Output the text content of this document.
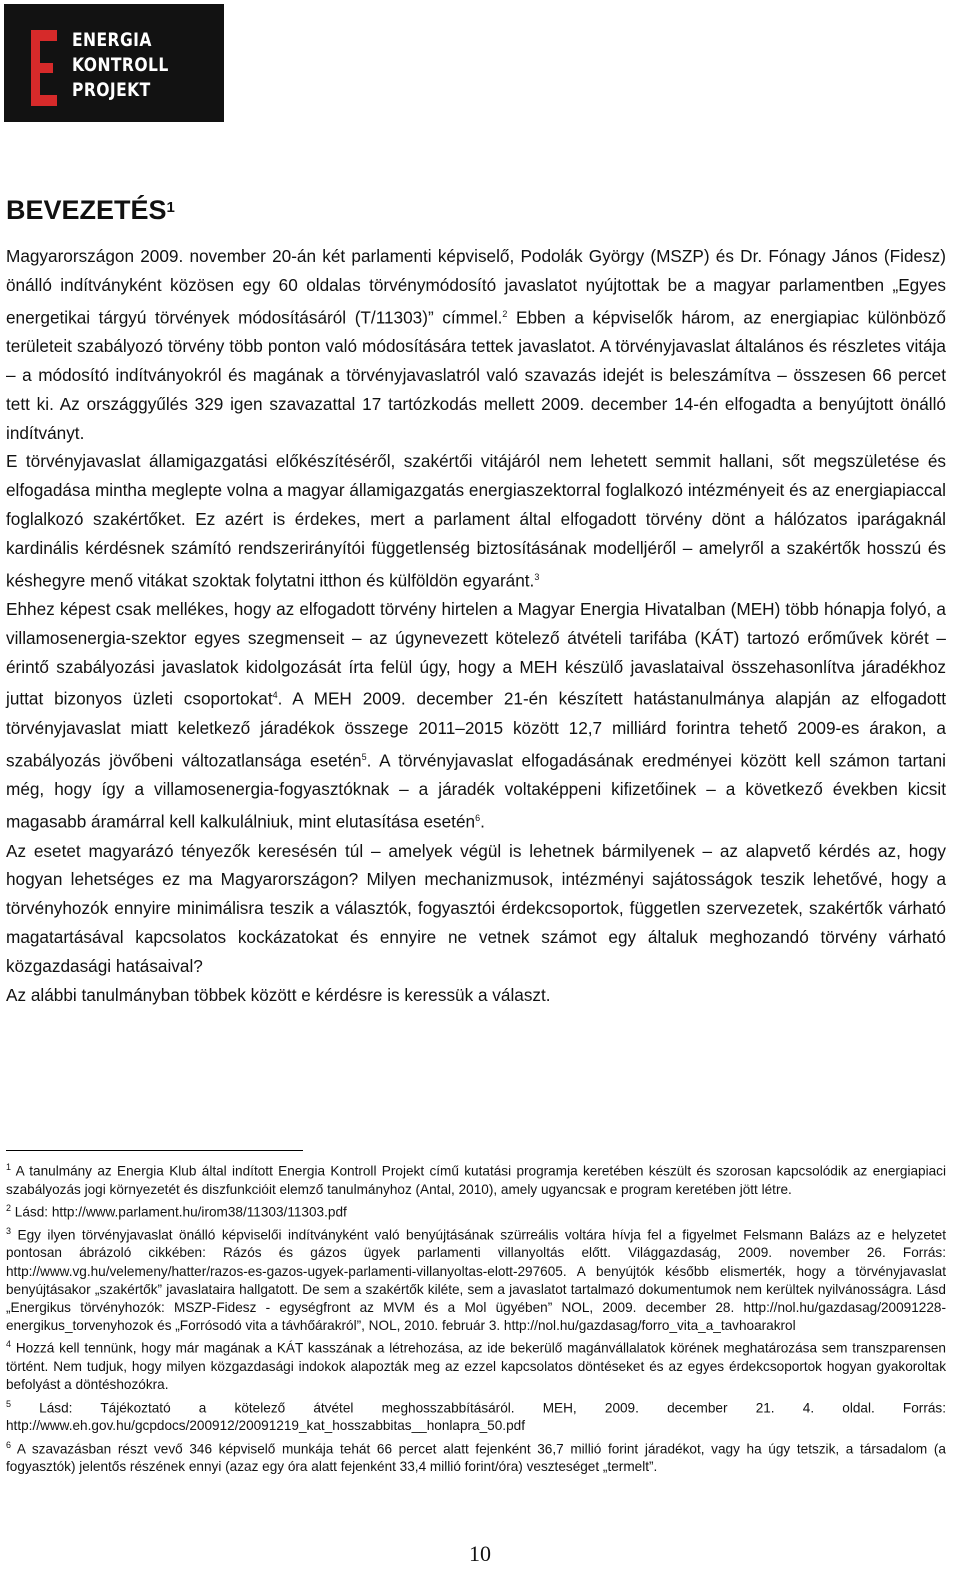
ENERGIA
KONTROLL
PROJEKT
BEVEZETÉS$^1$

Magyarországon 2009. november 20-án két parlamenti képviselő, Podolák György (MSZP) és Dr. Fónagy János (Fidesz) önálló indítványként közösen egy 60 oldalas törvénymódosító javaslatot nyújtottak be a magyar parlamentben „Egyes energetikai tárgyú törvények módosításáról (T/11303)” címmel.$^2$ Ebben a képviselők három, az energiapiac különböző területeit szabályozó törvény több ponton való módosítására tettek javaslatot. A törvényjavaslat általános és részletes vitája – a módosító indítványokról és magának a törvényjavaslatról való szavazás idejét is beleszámítva – összesen 66 percet tett ki. Az országgyűlés 329 igen szavazattal 17 tartózkodás mellett 2009. december 14-én elfogadta a benyújtott önálló indítványt.

E törvényjavaslat államigazgatási előkészítéséről, szakértői vitájáról nem lehetett semmit hallani, sőt megszületése és elfogadása mintha meglepte volna a magyar államigazgatás energiaszektorral foglalkozó intézményeit és az energiapiaccal foglalkozó szakértőket. Ez azért is érdekes, mert a parlament által elfogadott törvény dönt a hálózatos iparágaknál kardinális kérdésnek számító rendszerirányítói függetlenség biztosításának modelljéről – amelyről a szakértők hosszú és késhegyre menő vitákat szoktak folytatni itthon és külföldön egyaránt.$^3$

Ehhez képest csak mellékes, hogy az elfogadott törvény hirtelen a Magyar Energia Hivatalban (MEH) több hónapja folyó, a villamosenergia-szektor egyes szegmenseit – az úgynevezett kötelező átvételi tarifába (KÁT) tartozó erőművek körét – érintő szabályozási javaslatok kidolgozását írta felül úgy, hogy a MEH készülő javaslataival összehasonlítva járadékhoz juttat bizonyos üzleti csoportokat$^4$. A MEH 2009. december 21-én készített hatástanulmánya alapján az elfogadott törvényjavaslat miatt keletkező járadékok összege 2011–2015 között 12,7 milliárd forintra tehető 2009-es árakon, a szabályozás jövőbeni változatlansága esetén$^5$. A törvényjavaslat elfogadásának eredményei között kell számon tartani még, hogy így a villamosenergia-fogyasztóknak – a járadék voltaképpeni kifizetőinek – a következő években kicsit magasabb áramárral kell kalkulálniuk, mint elutasítása esetén$^6$.

Az esetet magyarázó tényezők keresésén túl – amelyek végül is lehetnek bármilyenek – az alapvető kérdés az, hogy hogyan lehetséges ez ma Magyarországon? Milyen mechanizmusok, intézményi sajátosságok teszik lehetővé, hogy a törvényhozók ennyire minimálisra teszik a választók, fogyasztói érdekcsoportok, független szervezetek, szakértők várható magatartásával kapcsolatos kockázatokat és ennyire ne vetnek számot egy általuk meghozandó törvény várható közgazdasági hatásaival?

Az alábbi tanulmányban többek között e kérdésre is keressük a választ.

$^1$ A tanulmány az Energia Klub által indított Energia Kontroll Projekt című kutatási programja keretében készült és szorosan kapcsolódik az energiapiaci szabályozás jogi környezetét és diszfunkcióit elemző tanulmányhoz (Antal, 2010), amely ugyancsak e program keretében jött létre.

$^2$ Lásd: http://www.parlament.hu/irom38/11303/11303.pdf

$^3$ Egy ilyen törvényjavaslat önálló képviselői indítványként való benyújtásának szürreális voltára hívja fel a figyelmet Felsmann Balázs az e helyzetet pontosan ábrázoló cikkében: Rázós és gázos ügyek parlamenti villanyoltás előtt. Világgazdaság, 2009. november 26. Forrás: http://www.vg.hu/velemeny/hatter/razos-es-gazos-ugyek-parlamenti-villanyoltas-elott-297605. A benyújtók később elismerték, hogy a törvényjavaslat benyújtásakor „szakértők” javaslataira hallgatott. De sem a szakértők kiléte, sem a javaslatot tartalmazó dokumentumok nem kerültek nyilvánosságra. Lásd „Energikus törvényhozók: MSZP-Fidesz - egységfront az MVM és a Mol ügyében” NOL, 2009. december 28. http://nol.hu/gazdasag/20091228-energikus_torvenyhozok és „Forrósodó vita a távhőárakról”, NOL, 2010. február 3. http://nol.hu/gazdasag/forro_vita_a_tavhoarakrol

$^4$ Hozzá kell tennünk, hogy már magának a KÁT kasszának a létrehozása, az ide bekerülő magánvállalatok körének meghatározása sem transzparensen történt. Nem tudjuk, hogy milyen közgazdasági indokok alapozták meg az ezzel kapcsolatos döntéseket és az egyes érdekcsoportok hogyan gyakoroltak befolyást a döntéshozókra.

$^5$ Lásd: Tájékoztató a kötelező átvétel meghosszabbításáról. MEH, 2009. december 21. 4. oldal. Forrás: http://www.eh.gov.hu/gcpdocs/200912/20091219_kat_hosszabbitas__honlapra_50.pdf

$^6$ A szavazásban részt vevő 346 képviselő munkája tehát 66 percet alatt fejenként 36,7 millió forint járadékot, vagy ha úgy tetszik, a társadalom (a fogyasztók) jelentős részének ennyi (azaz egy óra alatt fejenként 33,4 millió forint/óra) veszteséget „termelt”.

10
